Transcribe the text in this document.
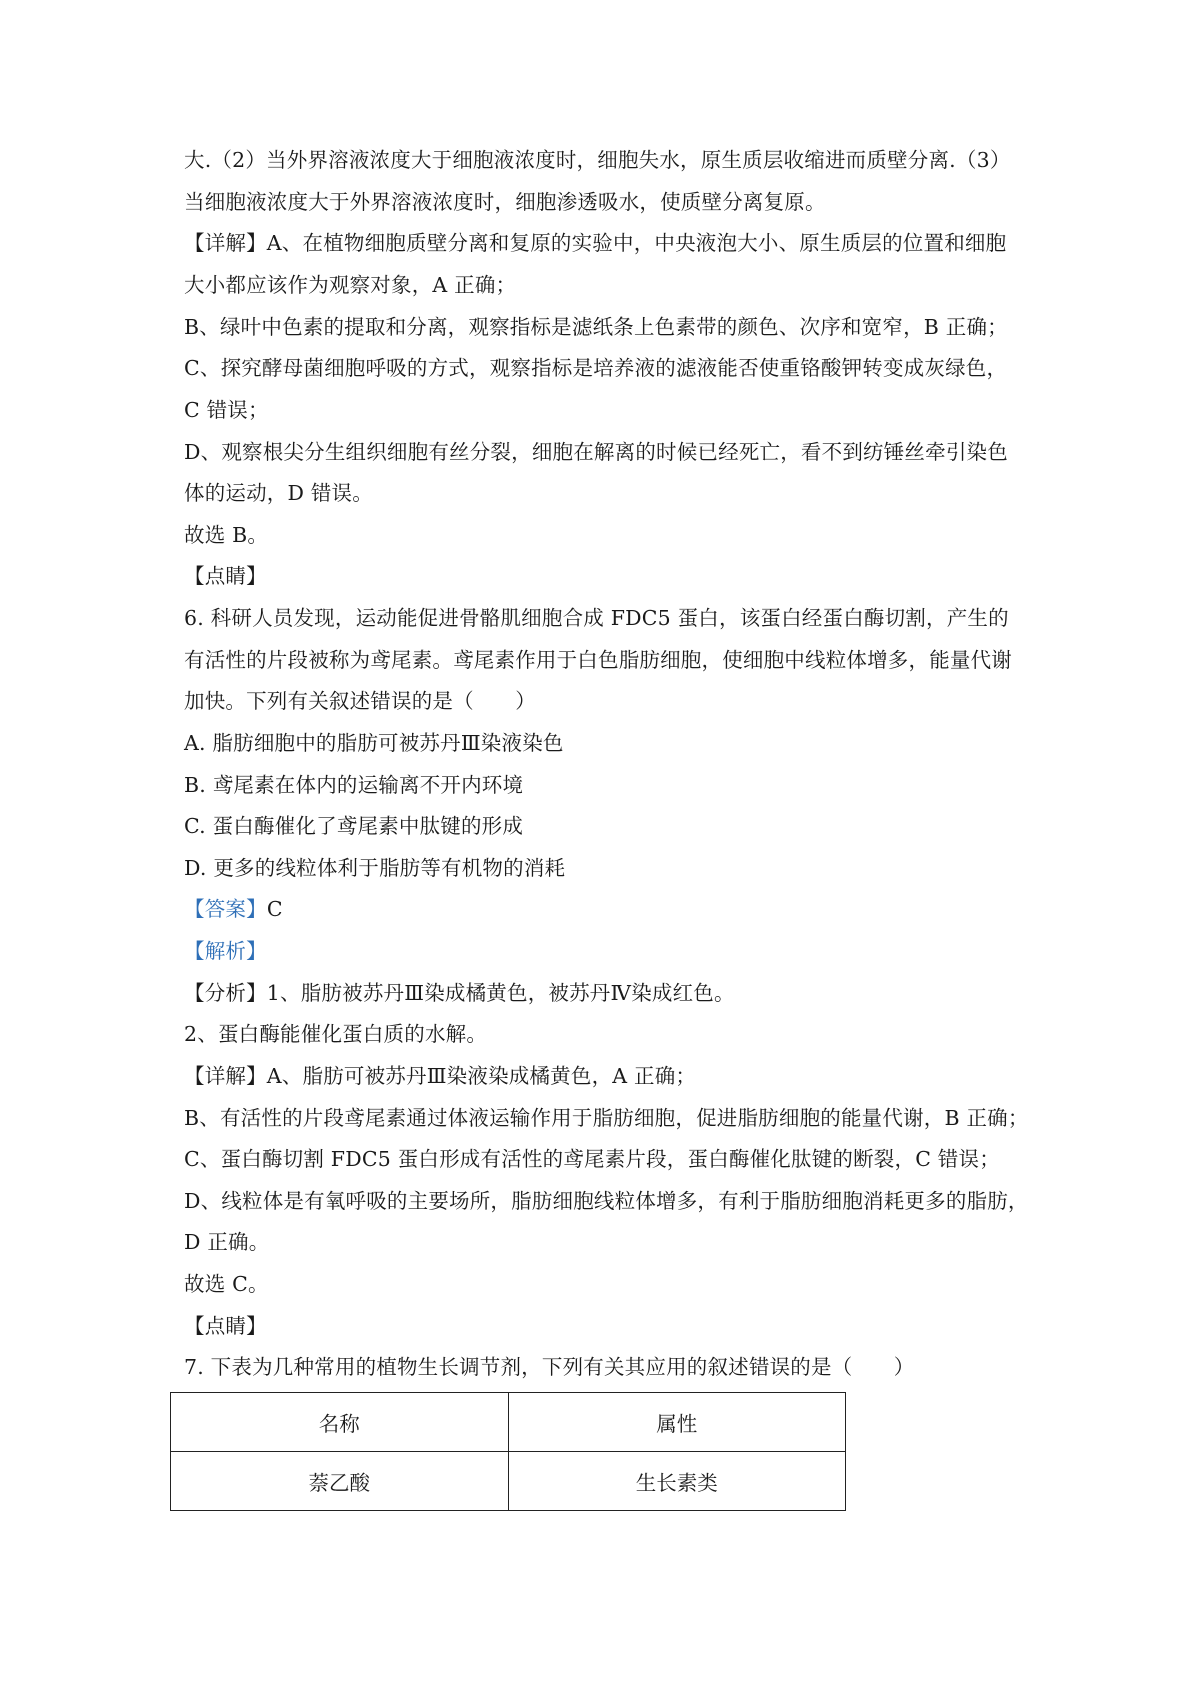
大.（2）当外界溶液浓度大于细胞液浓度时，细胞失水，原生质层收缩进而质壁分离.（3）
当细胞液浓度大于外界溶液浓度时，细胞渗透吸水，使质壁分离复原。
【详解】A、在植物细胞质壁分离和复原的实验中，中央液泡大小、原生质层的位置和细胞
大小都应该作为观察对象，A 正确；
B、绿叶中色素的提取和分离，观察指标是滤纸条上色素带的颜色、次序和宽窄，B 正确；
C、探究酵母菌细胞呼吸的方式，观察指标是培养液的滤液能否使重铬酸钾转变成灰绿色，
C 错误；
D、观察根尖分生组织细胞有丝分裂，细胞在解离的时候已经死亡，看不到纺锤丝牵引染色
体的运动，D 错误。
故选 B。
【点睛】
6. 科研人员发现，运动能促进骨骼肌细胞合成 FDC5 蛋白，该蛋白经蛋白酶切割，产生的
有活性的片段被称为鸢尾素。鸢尾素作用于白色脂肪细胞，使细胞中线粒体增多，能量代谢
加快。下列有关叙述错误的是（　　）
A. 脂肪细胞中的脂肪可被苏丹Ⅲ染液染色
B. 鸢尾素在体内的运输离不开内环境
C. 蛋白酶催化了鸢尾素中肽键的形成
D. 更多的线粒体利于脂肪等有机物的消耗
【答案】C
【解析】
【分析】1、脂肪被苏丹Ⅲ染成橘黄色，被苏丹Ⅳ染成红色。
2、蛋白酶能催化蛋白质的水解。
【详解】A、脂肪可被苏丹Ⅲ染液染成橘黄色，A 正确；
B、有活性的片段鸢尾素通过体液运输作用于脂肪细胞，促进脂肪细胞的能量代谢，B 正确；
C、蛋白酶切割 FDC5 蛋白形成有活性的鸢尾素片段，蛋白酶催化肽键的断裂，C 错误；
D、线粒体是有氧呼吸的主要场所，脂肪细胞线粒体增多，有利于脂肪细胞消耗更多的脂肪，
D 正确。
故选 C。
【点睛】
7. 下表为几种常用的植物生长调节剂，下列有关其应用的叙述错误的是（　　）
名称	属性
萘乙酸	生长素类
